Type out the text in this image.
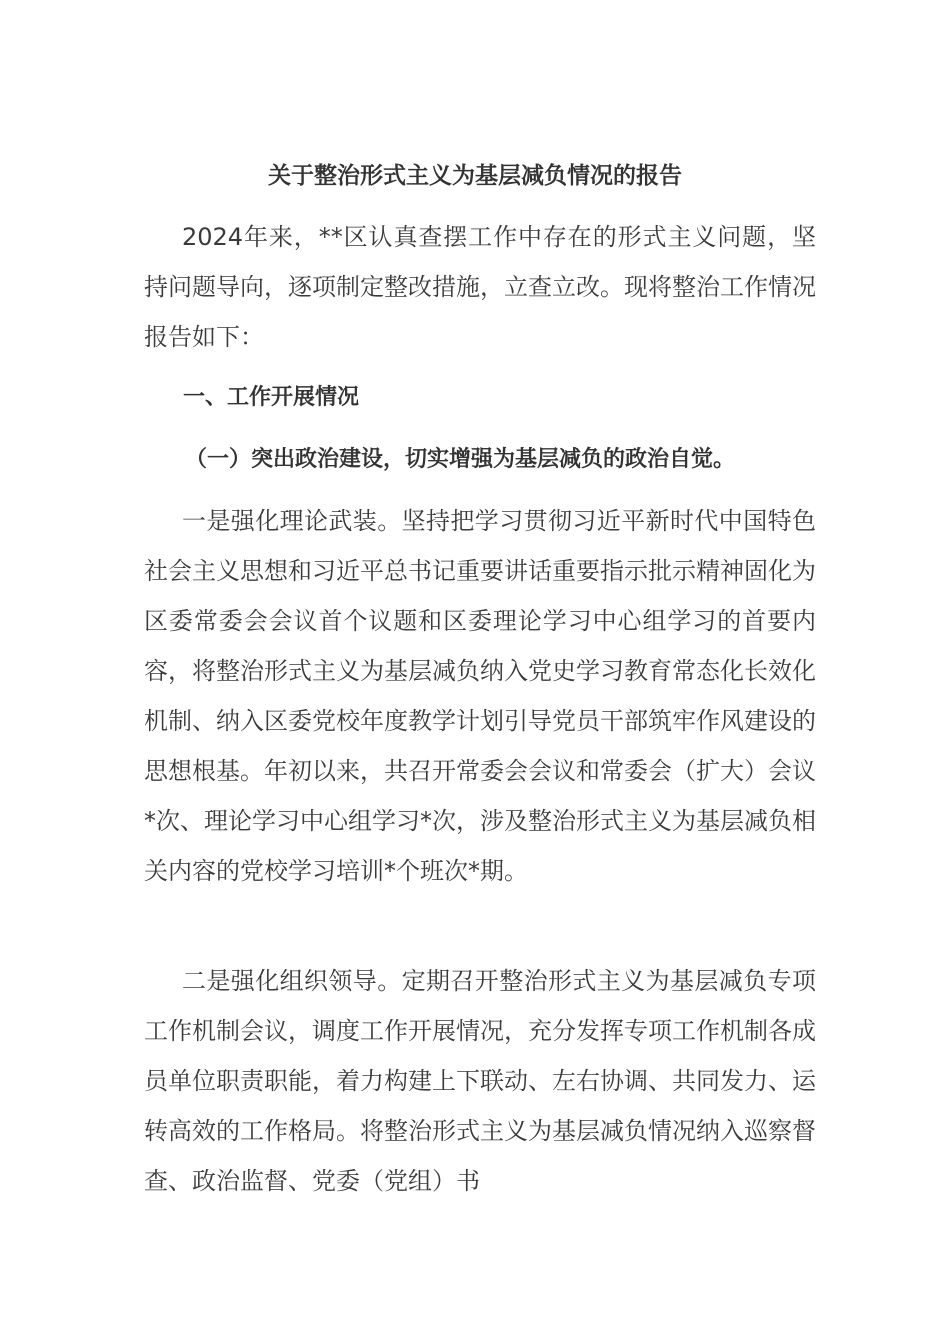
关于整治形式主义为基层减负情况的报告

2024年来，**区认真查摆工作中存在的形式主义问题，坚持问题导向，逐项制定整改措施，立查立改。现将整治工作情况报告如下：

一、工作开展情况
（一）突出政治建设，切实增强为基层减负的政治自觉。

一是强化理论武装。坚持把学习贯彻习近平新时代中国特色社会主义思想和习近平总书记重要讲话重要指示批示精神固化为区委常委会会议首个议题和区委理论学习中心组学习的首要内容，将整治形式主义为基层减负纳入党史学习教育常态化长效化机制、纳入区委党校年度教学计划引导党员干部筑牢作风建设的思想根基。年初以来，共召开常委会会议和常委会（扩大）会议*次、理论学习中心组学习*次，涉及整治形式主义为基层减负相关内容的党校学习培训*个班次*期。

二是强化组织领导。定期召开整治形式主义为基层减负专项工作机制会议，调度工作开展情况，充分发挥专项工作机制各成员单位职责职能，着力构建上下联动、左右协调、共同发力、运转高效的工作格局。将整治形式主义为基层减负情况纳入巡察督查、政治监督、党委（党组）书
